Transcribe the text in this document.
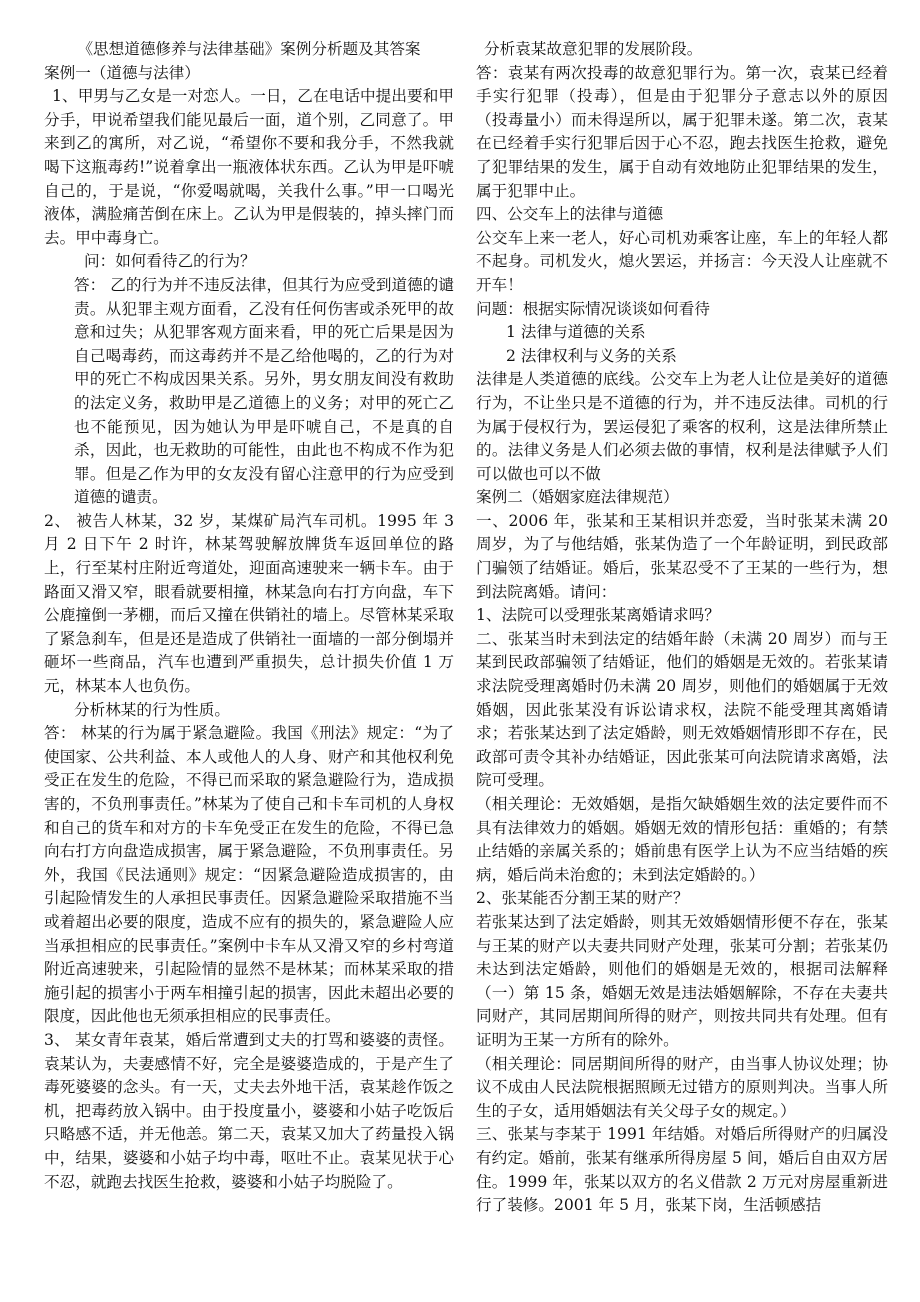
《思想道德修养与法律基础》案例分析题及其答案

案例一（道德与法律）

1、甲男与乙女是一对恋人。一日，乙在电话中提出要和甲分手，甲说希望我们能见最后一面，道个别，乙同意了。甲来到乙的寓所，对乙说，“希望你不要和我分手，不然我就喝下这瓶毒药!”说着拿出一瓶液体状东西。乙认为甲是吓唬自己的，于是说，“你爱喝就喝，关我什么事。”甲一口喝光液体，满脸痛苦倒在床上。乙认为甲是假装的，掉头摔门而去。甲中毒身亡。

问：如何看待乙的行为？

答： 乙的行为并不违反法律，但其行为应受到道德的谴责。从犯罪主观方面看，乙没有任何伤害或杀死甲的故意和过失；从犯罪客观方面来看，甲的死亡后果是因为自己喝毒药，而这毒药并不是乙给他喝的，乙的行为对甲的死亡不构成因果关系。另外，男女朋友间没有救助的法定义务，救助甲是乙道德上的义务；对甲的死亡乙也不能预见，因为她认为甲是吓唬自己，不是真的自杀，因此，也无救助的可能性，由此也不构成不作为犯罪。但是乙作为甲的女友没有留心注意甲的行为应受到道德的谴责。

2、 被告人林某，32 岁，某煤矿局汽车司机。1995 年 3 月 2 日下午 2 时许，林某驾驶解放牌货车返回单位的路上，行至某村庄附近弯道处，迎面高速驶来一辆卡车。由于路面又滑又窄，眼看就要相撞，林某急向右打方向盘，车下公鹿撞倒一茅棚，而后又撞在供销社的墙上。尽管林某采取了紧急刹车，但是还是造成了供销社一面墙的一部分倒塌并砸坏一些商品，汽车也遭到严重损失，总计损失价值 1 万元，林某本人也负伤。

分析林某的行为性质。

答： 林某的行为属于紧急避险。我国《刑法》规定：“为了使国家、公共利益、本人或他人的人身、财产和其他权利免受正在发生的危险，不得已而采取的紧急避险行为，造成损害的，不负刑事责任。”林某为了使自己和卡车司机的人身权和自己的货车和对方的卡车免受正在发生的危险，不得已急向右打方向盘造成损害，属于紧急避险，不负刑事责任。另外，我国《民法通则》规定：“因紧急避险造成损害的，由引起险情发生的人承担民事责任。因紧急避险采取措施不当或着超出必要的限度，造成不应有的损失的，紧急避险人应当承担相应的民事责任。”案例中卡车从又滑又窄的乡村弯道附近高速驶来，引起险情的显然不是林某；而林某采取的措施引起的损害小于两车相撞引起的损害，因此未超出必要的限度，因此他也无须承担相应的民事责任。

3、 某女青年袁某，婚后常遭到丈夫的打骂和婆婆的责怪。袁某认为，夫妻感情不好，完全是婆婆造成的，于是产生了毒死婆婆的念头。有一天，丈夫去外地干活，袁某趁作饭之机，把毒药放入锅中。由于投度量小，婆婆和小姑子吃饭后只略感不适，并无他恙。第二天，袁某又加大了药量投入锅中，结果，婆婆和小姑子均中毒，呕吐不止。袁某见状于心不忍，就跑去找医生抢救，婆婆和小姑子均脱险了。

分析袁某故意犯罪的发展阶段。

答：袁某有两次投毒的故意犯罪行为。第一次，袁某已经着手实行犯罪（投毒），但是由于犯罪分子意志以外的原因（投毒量小）而未得逞所以，属于犯罪未遂。第二次，袁某在已经着手实行犯罪后因于心不忍，跑去找医生抢救，避免了犯罪结果的发生，属于自动有效地防止犯罪结果的发生，属于犯罪中止。

四、公交车上的法律与道德

公交车上来一老人，好心司机劝乘客让座，车上的年轻人都不起身。司机发火，熄火罢运，并扬言：今天没人让座就不开车！

问题：根据实际情况谈谈如何看待

1 法律与道德的关系

2 法律权利与义务的关系

法律是人类道德的底线。公交车上为老人让位是美好的道德行为，不让坐只是不道德的行为，并不违反法律。司机的行为属于侵权行为，罢运侵犯了乘客的权利，这是法律所禁止的。法律义务是人们必须去做的事情，权利是法律赋予人们可以做也可以不做

案例二（婚姻家庭法律规范）

一、2006 年，张某和王某相识并恋爱，当时张某未满 20 周岁，为了与他结婚，张某伪造了一个年龄证明，到民政部门骗领了结婚证。婚后，张某忍受不了王某的一些行为，想到法院离婚。请问：

1、法院可以受理张某离婚请求吗？

二、张某当时未到法定的结婚年龄（未满 20 周岁）而与王某到民政部骗领了结婚证，他们的婚姻是无效的。若张某请求法院受理离婚时仍未满 20 周岁，则他们的婚姻属于无效婚姻，因此张某没有诉讼请求权，法院不能受理其离婚请求；若张某达到了法定婚龄，则无效婚姻情形即不存在，民政部可责令其补办结婚证，因此张某可向法院请求离婚，法院可受理。

（相关理论：无效婚姻，是指欠缺婚姻生效的法定要件而不具有法律效力的婚姻。婚姻无效的情形包括：重婚的；有禁止结婚的亲属关系的；婚前患有医学上认为不应当结婚的疾病，婚后尚未治愈的；未到法定婚龄的。）

2、张某能否分割王某的财产？

若张某达到了法定婚龄，则其无效婚姻情形便不存在，张某与王某的财产以夫妻共同财产处理，张某可分割；若张某仍未达到法定婚龄，则他们的婚姻是无效的，根据司法解释（一）第 15 条，婚姻无效是违法婚姻解除，不存在夫妻共同财产，其同居期间所得的财产，则按共同共有处理。但有证明为王某一方所有的除外。

（相关理论：同居期间所得的财产，由当事人协议处理；协议不成由人民法院根据照顾无过错方的原则判决。当事人所生的子女，适用婚姻法有关父母子女的规定。）

三、张某与李某于 1991 年结婚。对婚后所得财产的归属没有约定。婚前，张某有继承所得房屋 5 间，婚后自由双方居住。1999 年，张某以双方的名义借款 2 万元对房屋重新进行了装修。2001 年 5 月，张某下岗，生活顿感拮
